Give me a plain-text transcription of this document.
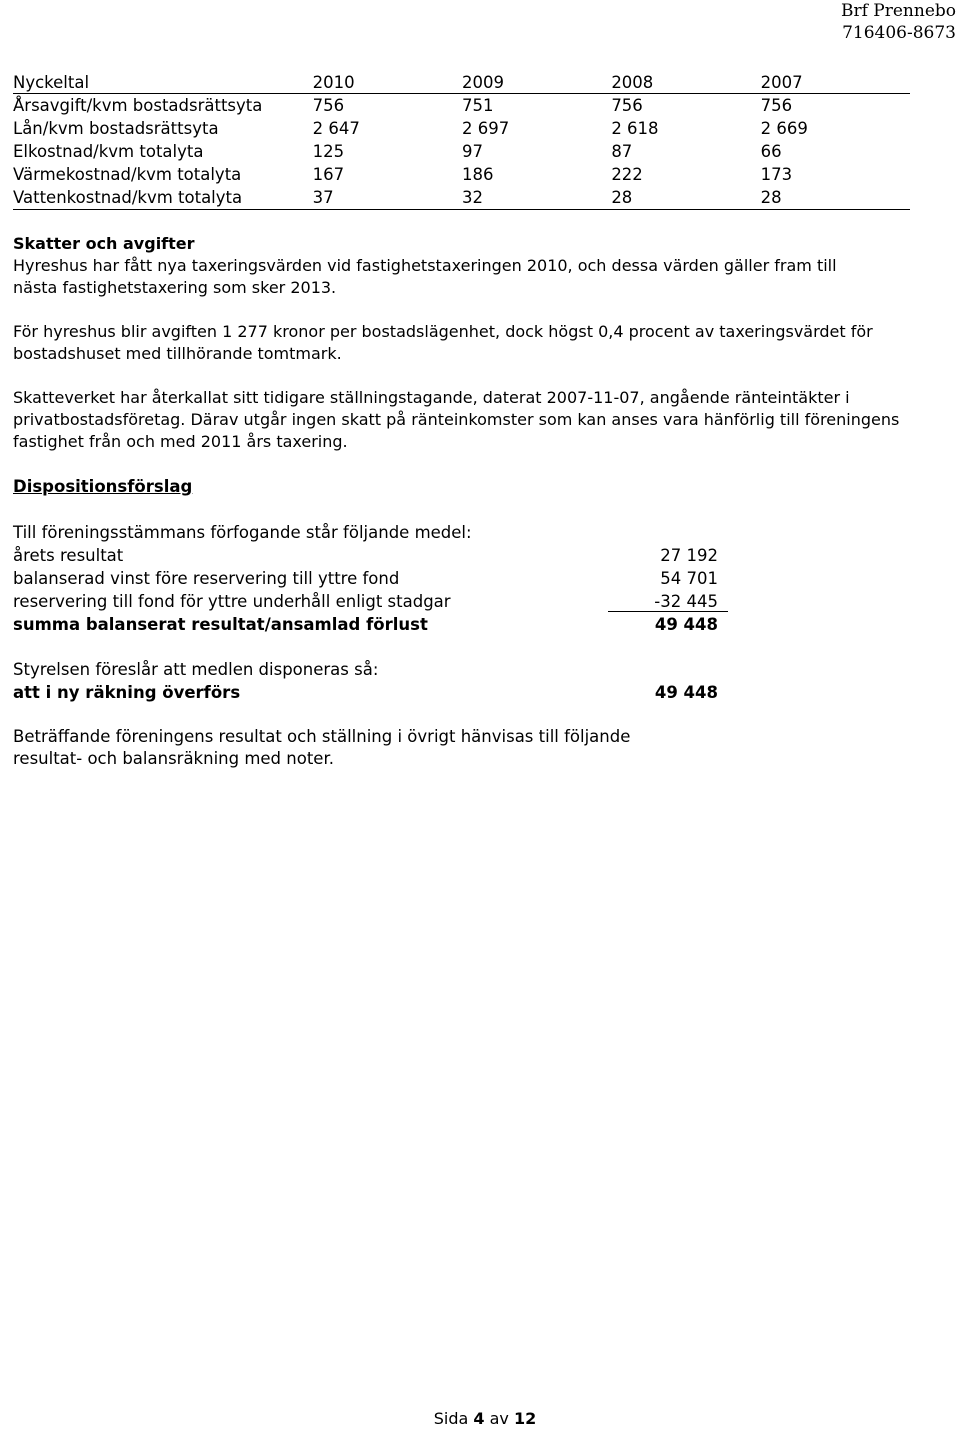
Brf Prennebo
716406-8673
Nyckeltal	2010	2009	2008	2007
Årsavgift/kvm bostadsrättsyta	756	751	756	756
Lån/kvm bostadsrättsyta	2 647	2 697	2 618	2 669
Elkostnad/kvm totalyta	125	97	87	66
Värmekostnad/kvm totalyta	167	186	222	173
Vattenkostnad/kvm totalyta	37	32	28	28
Skatter och avgifter
Hyreshus har fått nya taxeringsvärden vid fastighetstaxeringen 2010, och dessa värden gäller fram till nästa fastighetstaxering som sker 2013.
För hyreshus blir avgiften 1 277 kronor per bostadslägenhet, dock högst 0,4 procent av taxeringsvärdet för bostadshuset med tillhörande tomtmark.
Skatteverket har återkallat sitt tidigare ställningstagande, daterat 2007-11-07, angående ränteintäkter i privatbostadsföretag. Därav utgår ingen skatt på ränteinkomster som kan anses vara hänförlig till föreningens fastighet från och med 2011 års taxering.
Dispositionsförslag
Till föreningsstämmans förfogande står följande medel:
årets resultat	27 192
balanserad vinst före reservering till yttre fond	54 701
reservering till fond för yttre underhåll enligt stadgar	-32 445
summa balanserat resultat/ansamlad förlust	49 448
Styrelsen föreslår att medlen disponeras så:
att i ny räkning överförs	49 448
Beträffande föreningens resultat och ställning i övrigt hänvisas till följande
resultat- och balansräkning med noter.
Sida 4 av 12
